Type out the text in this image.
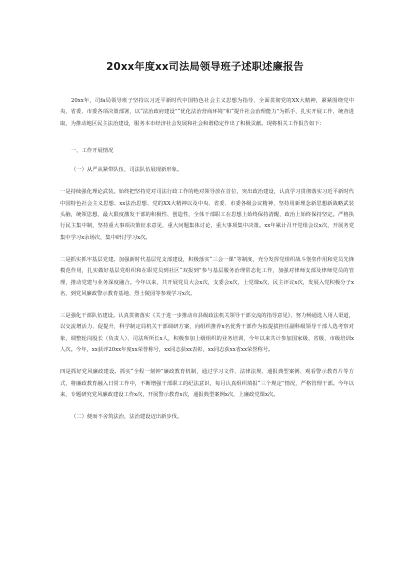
20xx年度xx司法局领导班子述职述廉报告

20xx年，司fa局领导班子坚持以习近平新时代中国特色社会主义思想为指导，全面贯彻党的XX大精神，紧紧围绕党中央、省委、市委各项决策部署，以“法治政府建设”“优化法治营商环境”和“提升社会治理能力”为抓手，扎实开展工作，统查进取，为推动地区民主法治建设，服务本市经济社会发展和社会和谐稳定作出了积极贡献。现将相关工作报告如下：

一、工作开展情况

（一）从严从紧带队伍，司法队伍展现新形象。

一是持续强化理论武装。始终把坚持党对司法行政工作的绝对领导放在首位，突出政治建设，认真学习贯彻落实习近平新时代中国特色社会主义思想、xx法治思想、党的XX大精神以及中央、省委、市委各级会议精神，坚持用新理念新思想新战略武装头脑，统领思想，最大限度激发干部的积极性、创造性，全体干部职工在思想上始终保持清醒，政治上始终保持坚定。严格执行民主集中制，坚持重大事项决策征求意见，重大问题集体讨论，重大事项集中决策。xx年累计召开党组会议x次，开展务党集中学习x余场次，集中研讨学习x次。

二是抓实抓牢基层党建。加强新时代基层党支部建设，积极落实“三会一课”等制度，充分发挥党组织战斗堡垒作用和党员先锋模范作用，扎实做好基层党组织和在职党员到社区“双报到”参与基层服务治理常态化工作，加强对律师支部及律师党员的管理，推动党建与业务深度融合。今年以来，共开展党员大会x次，支委会x次，上党课x次，民主评议x次，发展入党积极分子x名，到党风廉政警示教育基地、烈士陵园等参观学习x次。

三是强化干部队伍建设。认真贯彻落实《关于进一步推动市县级政法机关领导干部交流的指导意见》，努力畅通选人用人渠道，以交流增活力、促提升，科学制定局机关干部调研方案，向组织推荐x名优秀干部作为拟提拔担任副科级领导干部人选考察对象，调整轮岗股长（负责人）、司法所所长x人，积极参加上级组织的业务培训，今年以来共计参加国家级、省级、市级培训x人次。今年，xx获评20xx年度xx荣誉称号，xx同志获xx表彰，xx同志获xx省xx荣誉称号。

四是抓好党风廉政建设。抓实“全程一刻钟”廉政教育机制，通过学习文件、法律法规、通报典型案例、观看警示教育片等方式，将廉政教育融入日常工作中，不断增强干部职工的纪法意识，每月认真组织填报“三个规定”情况，严格管理干部。今年以来，专题研究党风廉政建设工作x次，开展警示教育x次，通报典型案例x次，上廉政党课x次。

（二）便而不舍筑法治，法治建设迈出新步伐。
